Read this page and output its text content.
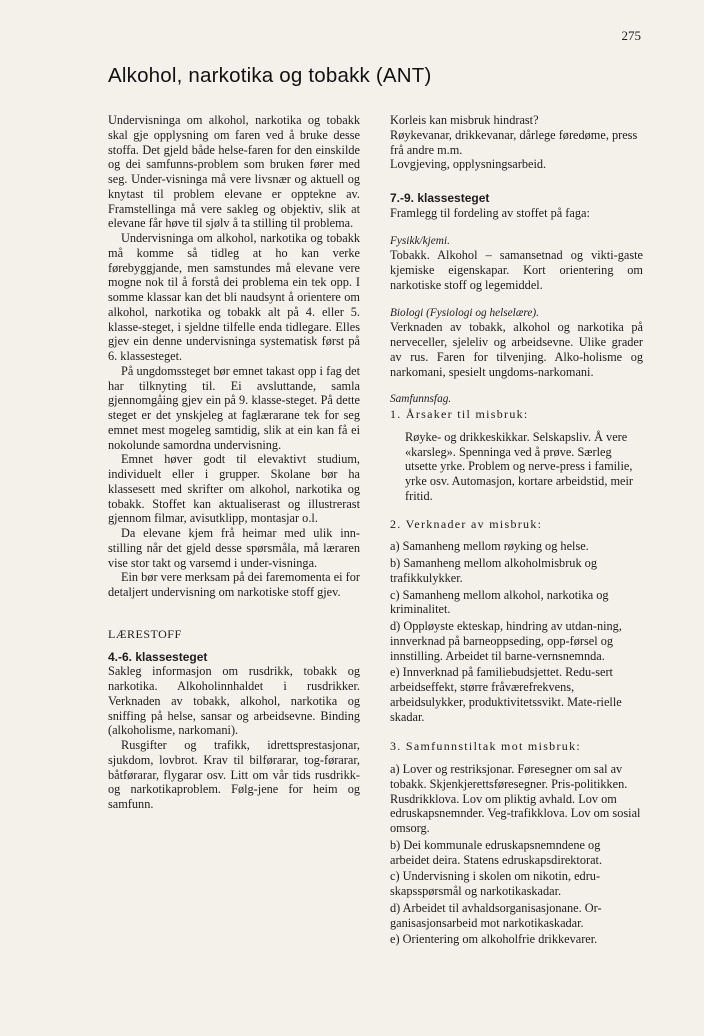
275
Alkohol, narkotika og tobakk (ANT)

Undervisninga om alkohol, narkotika og tobakk skal gje opplysning om faren ved å bruke desse stoffa. Det gjeld både helse-faren for den einskilde og dei samfunns-problem som bruken fører med seg. Under-visninga må vere livsnær og aktuell og knytast til problem elevane er opptekne av. Framstellinga må vere sakleg og objektiv, slik at elevane får høve til sjølv å ta stilling til problema.

Undervisninga om alkohol, narkotika og tobakk må komme så tidleg at ho kan verke førebyggjande, men samstundes må elevane vere mogne nok til å forstå dei problema ein tek opp. I somme klassar kan det bli naudsynt å orientere om alkohol, narkotika og tobakk alt på 4. eller 5. klasse-steget, i sjeldne tilfelle enda tidlegare. Elles gjev ein denne undervisninga systematisk først på 6. klassesteget.

På ungdomssteget bør emnet takast opp i fag det har tilknyting til. Ei avsluttande, samla gjennomgåing gjev ein på 9. klasse-steget. På dette steget er det ynskjeleg at faglærarane tek for seg emnet mest mogeleg samtidig, slik at ein kan få ei nokolunde samordna undervisning.

Emnet høver godt til elevaktivt studium, individuelt eller i grupper. Skolane bør ha klassesett med skrifter om alkohol, narkotika og tobakk. Stoffet kan aktualiserast og illustrerast gjennom filmar, avisutklipp, montasjar o.l.

Da elevane kjem frå heimar med ulik inn-stilling når det gjeld desse spørsmåla, må læraren vise stor takt og varsemd i under-visninga.

Ein bør vere merksam på dei faremomenta ei for detaljert undervisning om narkotiske stoff gjev.

LÆRESTOFF

4.-6. klassesteget

Sakleg informasjon om rusdrikk, tobakk og narkotika. Alkoholinnhaldet i rusdrikker. Verknaden av tobakk, alkohol, narkotika og sniffing på helse, sansar og arbeidsevne. Binding (alkoholisme, narkomani).

Rusgifter og trafikk, idrettsprestasjonar, sjukdom, lovbrot. Krav til bilførarar, tog-førarar, båtførarar, flygarar osv. Litt om vår tids rusdrikk- og narkotikaproblem. Følg-jene for heim og samfunn.

Korleis kan misbruk hindrast?

Røykevanar, drikkevanar, dårlege føredøme, press frå andre m.m.

Lovgjeving, opplysningsarbeid.

7.-9. klassesteget

Framlegg til fordeling av stoffet på faga:

Fysikk/kjemi.

Tobakk. Alkohol – samansetnad og vikti-gaste kjemiske eigenskapar. Kort orientering om narkotiske stoff og legemiddel.

Biologi (Fysiologi og helselære).

Verknaden av tobakk, alkohol og narkotika på nerveceller, sjeleliv og arbeidsevne. Ulike grader av rus. Faren for tilvenjing. Alko-holisme og narkomani, spesielt ungdoms-narkomani.

Samfunnsfag.

1. Årsaker til misbruk:

Røyke- og drikkeskikkar. Selskapsliv. Å vere «karsleg». Spenninga ved å prøve. Særleg utsette yrke. Problem og nerve-press i familie, yrke osv. Automasjon, kortare arbeidstid, meir fritid.

2. Verknader av misbruk:

a) Samanheng mellom røyking og helse.

b) Samanheng mellom alkoholmisbruk og trafikkulykker.

c) Samanheng mellom alkohol, narkotika og kriminalitet.

d) Oppløyste ekteskap, hindring av utdan-ning, innverknad på barneoppseding, opp-førsel og innstilling. Arbeidet til barne-vernsnemnda.

e) Innverknad på familiebudsjettet. Redu-sert arbeidseffekt, større fråværefrekvens, arbeidsulykker, produktivitetssvikt. Mate-rielle skadar.

3. Samfunnstiltak mot misbruk:

a) Lover og restriksjonar. Føresegner om sal av tobakk. Skjenkjerettsføresegner. Pris-politikken. Rusdrikklova. Lov om pliktig avhald. Lov om edruskapsnemnder. Veg-trafikklova. Lov om sosial omsorg.

b) Dei kommunale edruskapsnemndene og arbeidet deira. Statens edruskapsdirektorat.

c) Undervisning i skolen om nikotin, edru-skapsspørsmål og narkotikaskadar.

d) Arbeidet til avhaldsorganisasjonane. Or-ganisasjonsarbeid mot narkotikaskadar.

e) Orientering om alkoholfrie drikkevarer.
